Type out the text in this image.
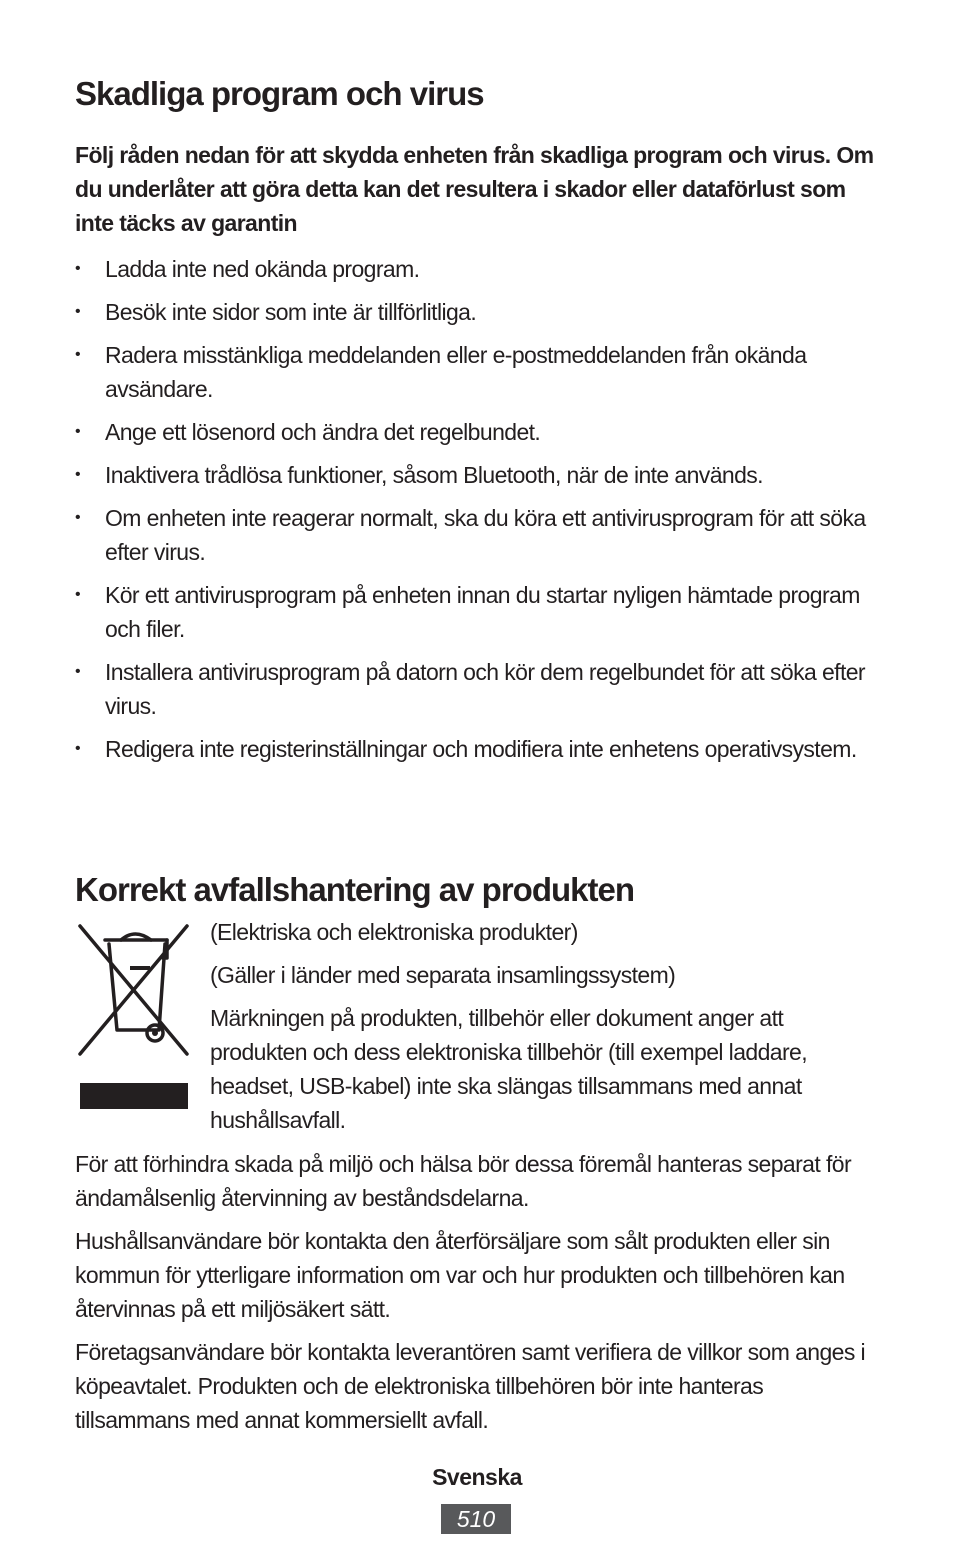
Skadliga program och virus

Följ råden nedan för att skydda enheten från skadliga program och virus. Om du underlåter att göra detta kan det resultera i skador eller dataförlust som inte täcks av garantin

• Ladda inte ned okända program.
• Besök inte sidor som inte är tillförlitliga.
• Radera misstänkliga meddelanden eller e-postmeddelanden från okända avsändare.
• Ange ett lösenord och ändra det regelbundet.
• Inaktivera trådlösa funktioner, såsom Bluetooth, när de inte används.
• Om enheten inte reagerar normalt, ska du köra ett antivirusprogram för att söka efter virus.
• Kör ett antivirusprogram på enheten innan du startar nyligen hämtade program och filer.
• Installera antivirusprogram på datorn och kör dem regelbundet för att söka efter virus.
• Redigera inte registerinställningar och modifiera inte enhetens operativsystem.
Korrekt avfallshantering av produkten

(Elektriska och elektroniska produkter)

(Gäller i länder med separata insamlingssystem)

Märkningen på produkten, tillbehör eller dokument anger att produkten och dess elektroniska tillbehör (till exempel laddare, headset, USB-kabel) inte ska slängas tillsammans med annat hushållsavfall.

För att förhindra skada på miljö och hälsa bör dessa föremål hanteras separat för ändamålsenlig återvinning av beståndsdelarna.

Hushållsanvändare bör kontakta den återförsäljare som sålt produkten eller sin kommun för ytterligare information om var och hur produkten och tillbehören kan återvinnas på ett miljösäkert sätt.

Företagsanvändare bör kontakta leverantören samt verifiera de villkor som anges i köpeavtalet. Produkten och de elektroniska tillbehören bör inte hanteras tillsammans med annat kommersiellt avfall.

Svenska
510
